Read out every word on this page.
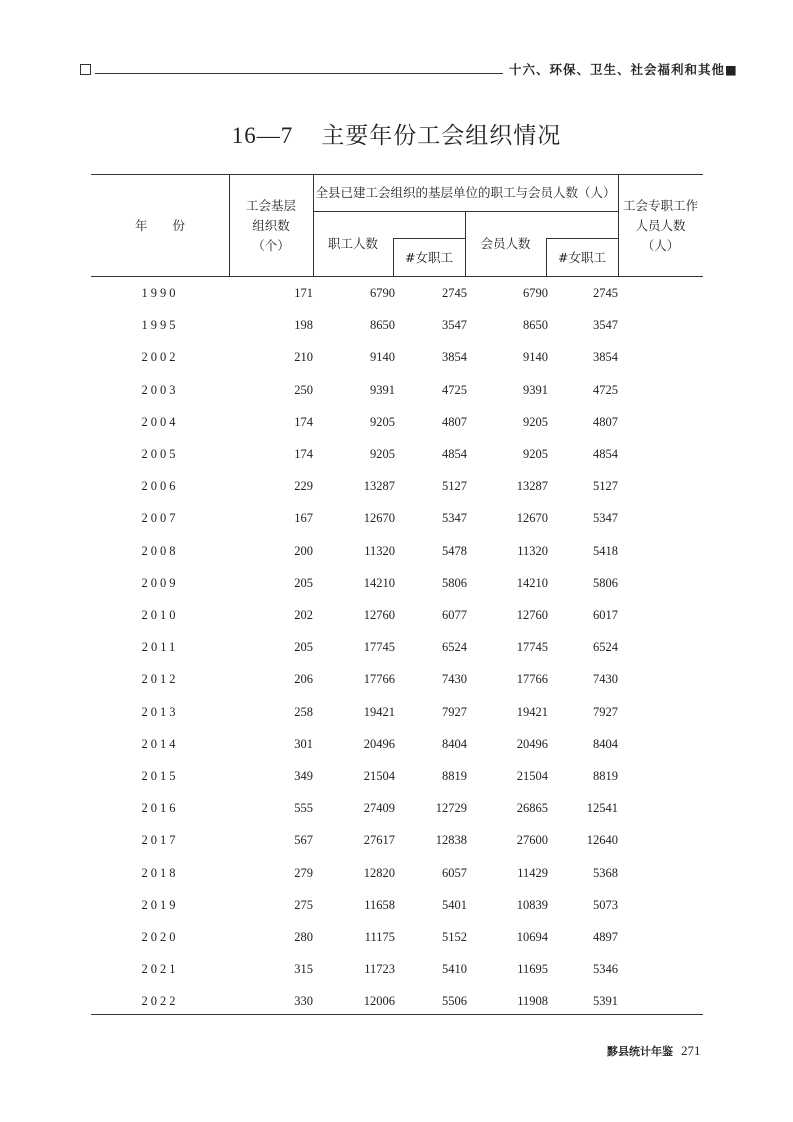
十六、环保、卫生、社会福利和其他■
16—7 主要年份工会组织情况
年　　份
工会基层
组织数
（个）
全县已建工会组织的基层单位的职工与会员人数（人）
职工人数
#女职工
会员人数
#女职工
工会专职工作
人员人数
（人）
1990	171	6790	2745	6790	2745
1995	198	8650	3547	8650	3547
2002	210	9140	3854	9140	3854
2003	250	9391	4725	9391	4725
2004	174	9205	4807	9205	4807
2005	174	9205	4854	9205	4854
2006	229	13287	5127	13287	5127
2007	167	12670	5347	12670	5347
2008	200	11320	5478	11320	5418
2009	205	14210	5806	14210	5806
2010	202	12760	6077	12760	6017
2011	205	17745	6524	17745	6524
2012	206	17766	7430	17766	7430
2013	258	19421	7927	19421	7927
2014	301	20496	8404	20496	8404
2015	349	21504	8819	21504	8819
2016	555	27409	12729	26865	12541
2017	567	27617	12838	27600	12640
2018	279	12820	6057	11429	5368
2019	275	11658	5401	10839	5073
2020	280	11175	5152	10694	4897
2021	315	11723	5410	11695	5346
2022	330	12006	5506	11908	5391
黟县统计年鉴 271
